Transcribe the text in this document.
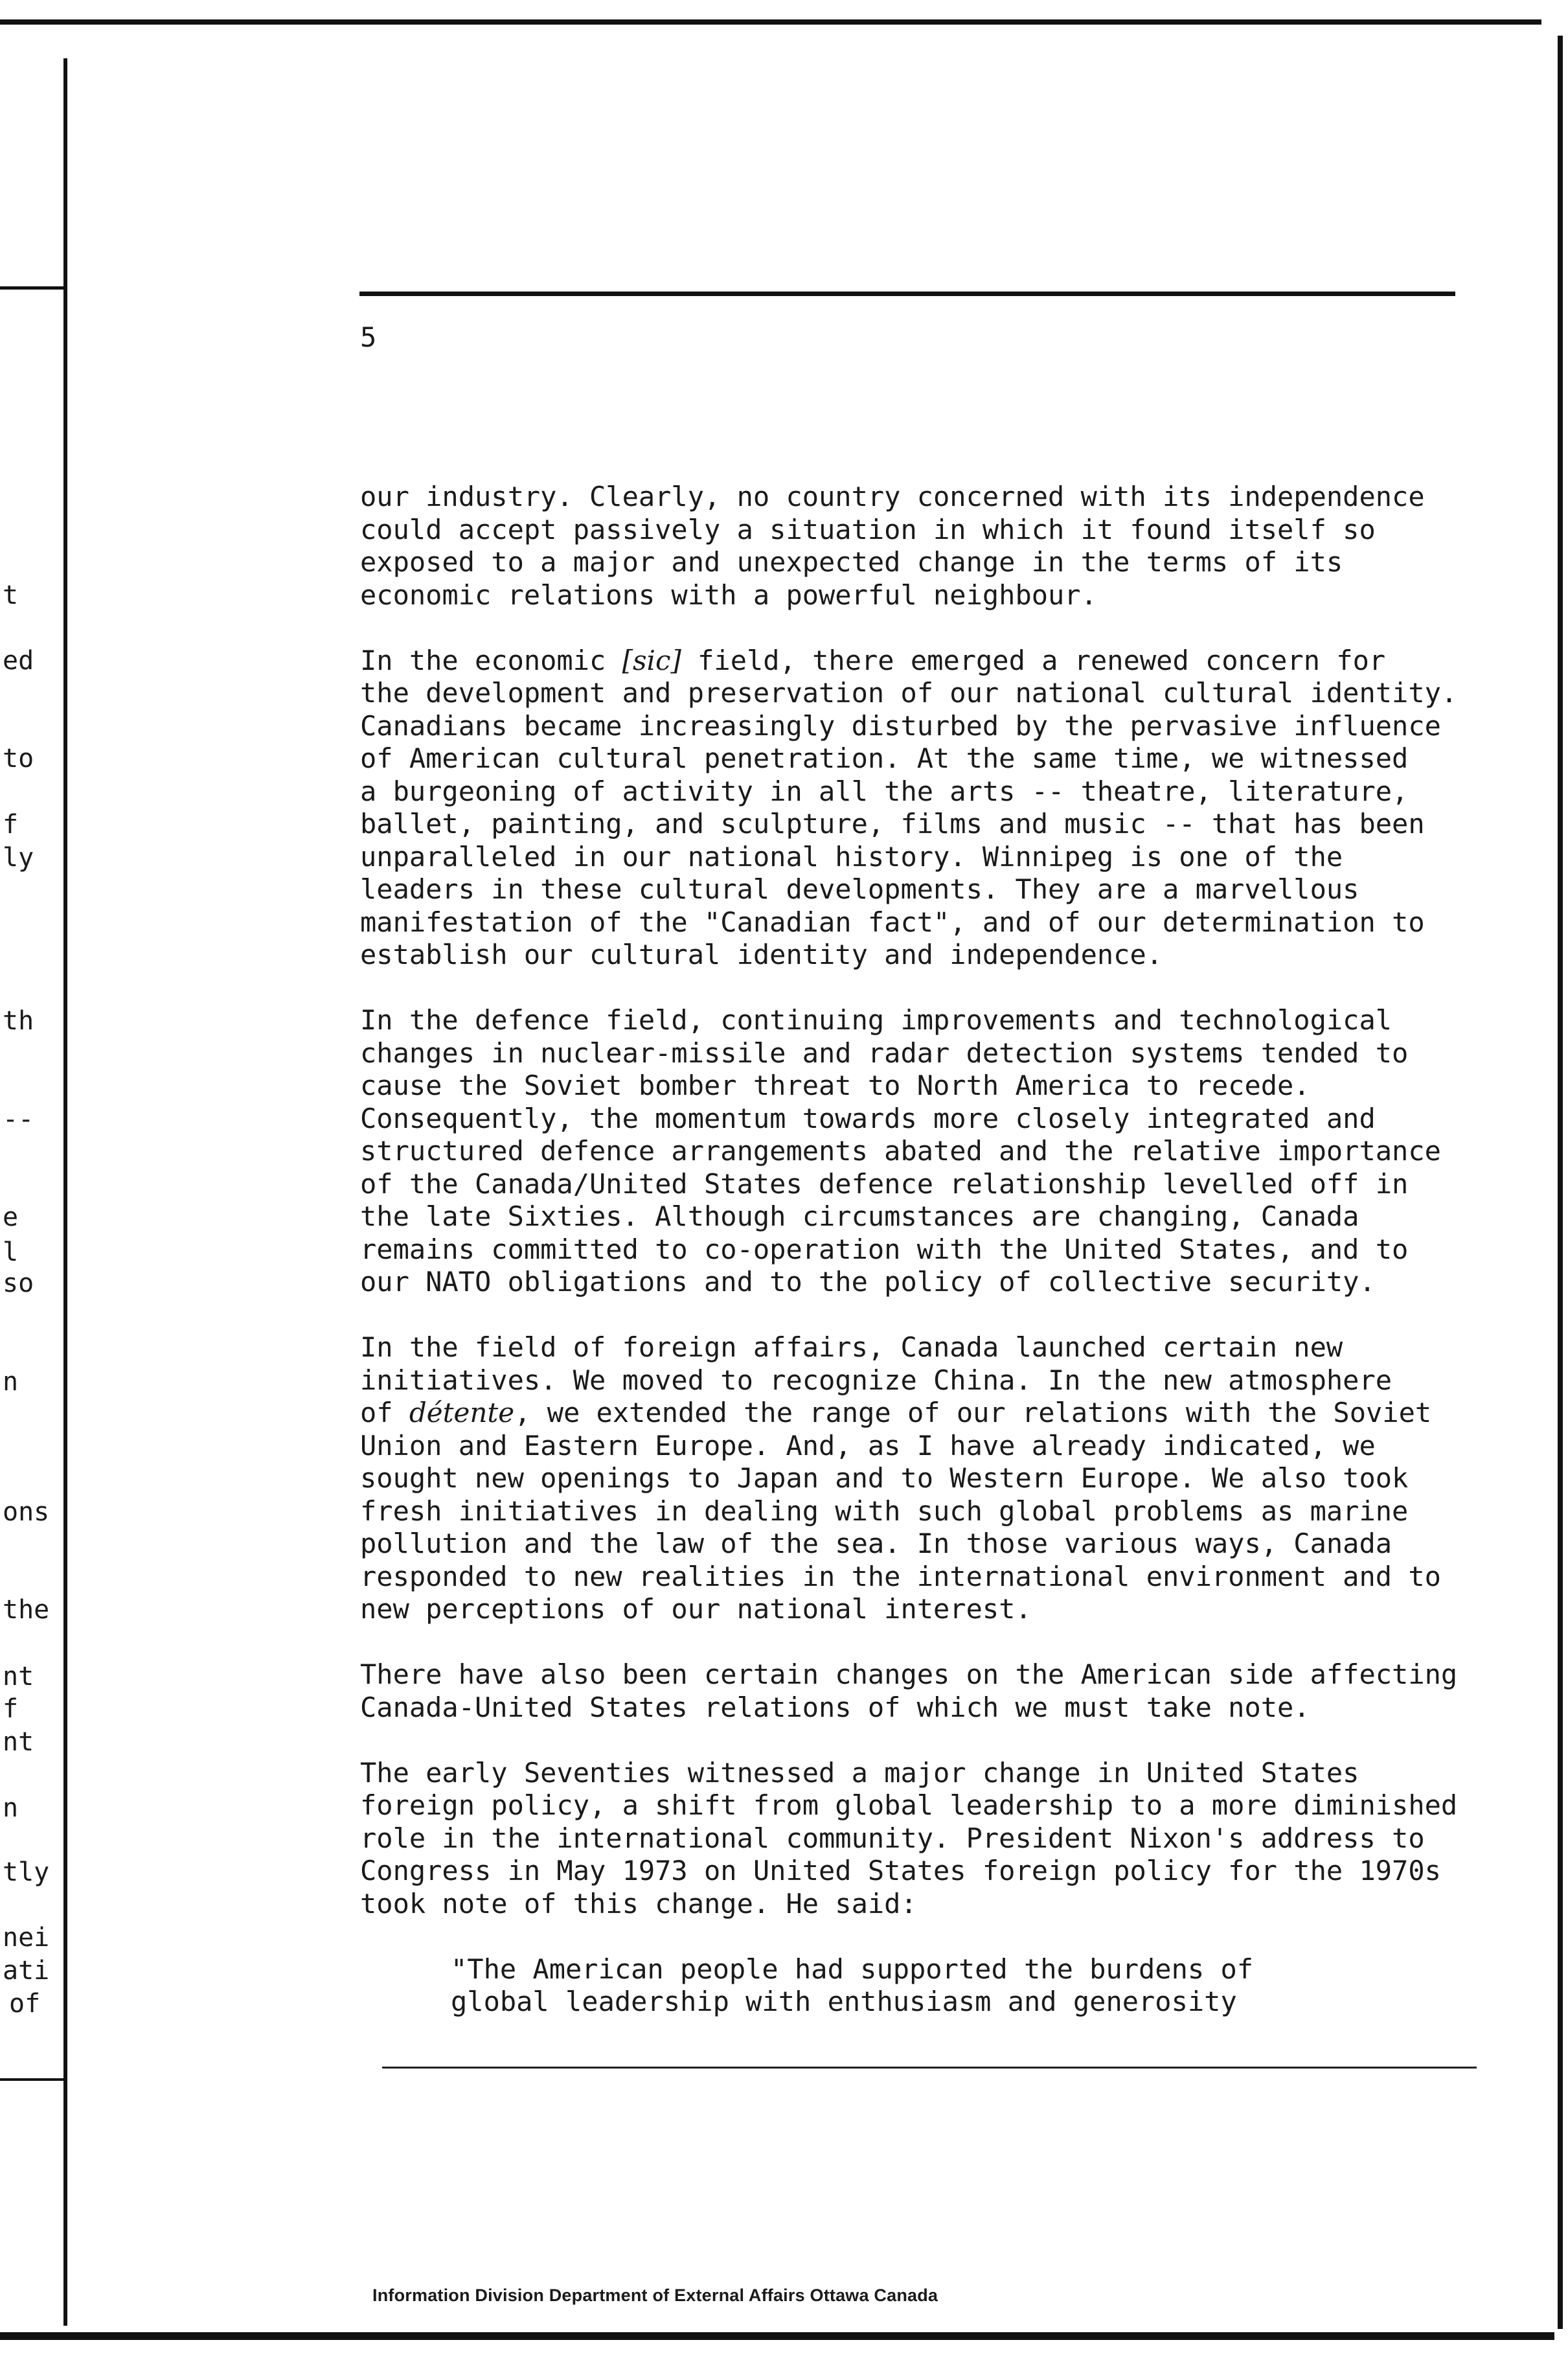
t
ed
to
f
ly
th
--
e
l
so
n
ons
the
nt
f
nt
n
tly
nei
ati
of
5

our industry. Clearly, no country concerned with its independence
could accept passively a situation in which it found itself so
exposed to a major and unexpected change in the terms of its
economic relations with a powerful neighbour.

In the economic [sic] field, there emerged a renewed concern for
the development and preservation of our national cultural identity.
Canadians became increasingly disturbed by the pervasive influence
of American cultural penetration. At the same time, we witnessed
a burgeoning of activity in all the arts -- theatre, literature,
ballet, painting, and sculpture, films and music -- that has been
unparalleled in our national history. Winnipeg is one of the
leaders in these cultural developments. They are a marvellous
manifestation of the "Canadian fact", and of our determination to
establish our cultural identity and independence.

In the defence field, continuing improvements and technological
changes in nuclear-missile and radar detection systems tended to
cause the Soviet bomber threat to North America to recede.
Consequently, the momentum towards more closely integrated and
structured defence arrangements abated and the relative importance
of the Canada/United States defence relationship levelled off in
the late Sixties. Although circumstances are changing, Canada
remains committed to co-operation with the United States, and to
our NATO obligations and to the policy of collective security.

In the field of foreign affairs, Canada launched certain new
initiatives. We moved to recognize China. In the new atmosphere
of détente, we extended the range of our relations with the Soviet
Union and Eastern Europe. And, as I have already indicated, we
sought new openings to Japan and to Western Europe. We also took
fresh initiatives in dealing with such global problems as marine
pollution and the law of the sea. In those various ways, Canada
responded to new realities in the international environment and to
new perceptions of our national interest.

There have also been certain changes on the American side affecting
Canada-United States relations of which we must take note.

The early Seventies witnessed a major change in United States
foreign policy, a shift from global leadership to a more diminished
role in the international community. President Nixon's address to
Congress in May 1973 on United States foreign policy for the 1970s
took note of this change. He said:

"The American people had supported the burdens of
global leadership with enthusiasm and generosity

Information Division Department of External Affairs Ottawa Canada
